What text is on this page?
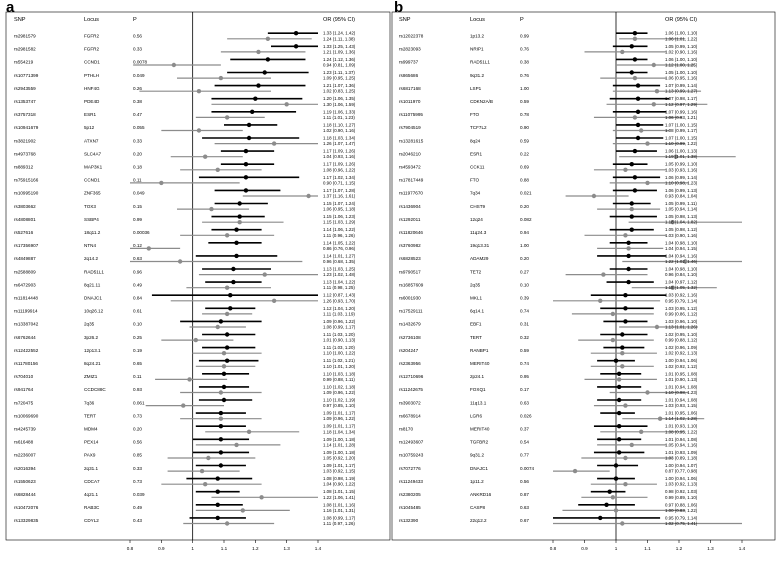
a
SNP	Locus	P	OR (95% CI)
0.8	0.9	1	1.1	1.2	1.3	1.4
rs2981579	FGFR2	0.56
1.33 (1.24, 1.42)
1.24 (1.11, 1.38)
rs2981582	FGFR2	0.33
1.33 (1.25, 1.43)
1.21 (1.09, 1.36)
rs554219	CCND1	0.0078
1.24 (1.12, 1.36)
0.94 (0.81, 1.09)
rs10771399	PTHLH	0.049
1.23 (1.11, 1.37)
1.09 (0.95, 1.25)
rs2943559	HNF4G	0.26
1.21 (1.07, 1.36)
1.02 (0.83, 1.25)
rs1353747	PDE4D	0.38
1.20 (1.06, 1.35)
1.30 (1.06, 1.59)
rs3757318	ESR1	0.47
1.19 (1.06, 1.33)
1.11 (1.01, 1.23)
rs10941679	5p12	0.055
1.18 (1.10, 1.27)
1.02 (0.90, 1.16)
rs3821902	ATXN7	0.33
1.18 (1.03, 1.34)
1.26 (1.07, 1.47)
rs4973768	SLC4A7	0.20
1.17 (1.09, 1.26)
1.04 (0.93, 1.16)
rs889312	MAP3K1	0.18
1.17 (1.09, 1.26)
1.08 (0.96, 1.22)
rs75915166	CCND1	0.11
1.17 (1.02, 1.34)
0.90 (0.71, 1.15)
rs10995190	ZNF365	0.049
1.17 (1.07, 1.28)
1.37 (1.16, 1.61)
rs3803662	TOX3	0.15
1.15 (1.07, 1.24)
1.06 (0.95, 1.18)
rs4808801	SSBP4	0.99
1.15 (1.06, 1.23)
1.15 (1.03, 1.29)
rs527616	18q11.2	0.00036
1.14 (1.06, 1.22)
1.11 (0.96, 1.26)
rs17356907	NTN4	0.12
1.14 (1.05, 1.22)
0.86 (0.76, 0.96)
rs4849887	2q14.2	0.63
1.14 (1.01, 1.27)
0.96 (0.68, 1.35)
rs2588809	RAD51L1	0.96
1.13 (1.03, 1.25)
1.23 (1.02, 1.48)
rs6472903	8q21.11	0.49
1.13 (1.04, 1.22)
1.11 (0.98, 1.25)
rs11814448	DNAJC1	0.84
1.12 (0.87, 1.43)
1.26 (0.93, 1.70)
rs11199914	10q26.12	0.61
1.12 (1.04, 1.20)
1.11 (1.03, 1.19)
rs13387042	2q35	0.10
1.09 (0.96, 1.22)
1.08 (0.99, 1.17)
rs6762644	3p26.2	0.25
1.11 (1.03, 1.20)
1.01 (0.90, 1.13)
rs12422552	12p13.1	0.19
1.11 (1.03, 1.20)
1.10 (1.00, 1.22)
rs11780156	8q24.21	0.65
1.11 (1.02, 1.21)
1.10 (1.01, 1.20)
rs704010	ZMIZ1	0.11
1.10 (1.03, 1.18)
0.99 (0.88, 1.11)
rs941764	CCDC88C	0.93
1.10 (1.02, 1.18)
1.09 (0.96, 1.22)
rs720475	7q36	0.061
1.10 (1.02, 1.19)
0.97 (0.85, 1.10)
rs10069690	TERT	0.73
1.09 (1.01, 1.17)
1.09 (0.96, 1.22)
rs4245739	MDM4	0.20
1.09 (1.01, 1.17)
1.18 (1.04, 1.34)
rs616488	PEX14	0.56
1.09 (1.00, 1.18)
1.14 (1.01, 1.28)
rs2236007	PAX9	0.85
1.09 (1.00, 1.18)
1.05 (0.92, 1.20)
rs2016394	2q31.1	0.33
1.09 (1.01, 1.17)
1.03 (0.92, 1.15)
rs1550623	CDCA7	0.73
1.08 (0.98, 1.19)
1.04 (0.90, 1.22)
rs6828444	4q21.1	0.039
1.08 (1.01, 1.15)
1.22 (1.06, 1.41)
rs10472076	RAB3C	0.49
1.08 (1.01, 1.16)
1.16 (1.01, 1.31)
rs13329835	CDYL2	0.43
1.08 (0.99, 1.17)
1.11 (0.97, 1.26)
b
SNP	Locus	P	OR (95% CI)
0.8	0.9	1	1.1	1.2	1.3	1.4
rs12022378	1p13.2	0.99
1.06 (1.00, 1.10)
1.06 (1.01, 1.22)
rs2823093	NRIP1	0.76
1.05 (0.99, 1.10)
1.02 (0.90, 1.16)
rs999737	RAD51L1	0.38
1.06 (1.00, 1.10)
1.12 (1.00, 1.25)
rs865686	9q31.2	0.76
1.05 (1.00, 1.10)
1.06 (0.95, 1.16)
rs6817168	LSP1	1.00
1.07 (0.99, 1.14)
1.13 (0.99, 1.27)
rs1011970	CDKN2A/B	0.59
1.07 (0.98, 1.17)
1.12 (0.97, 1.29)
rs11075995	FTO	0.78
1.07 (0.99, 1.16)
1.06 (0.93, 1.21)
rs7904519	TCF7L2	0.90
1.07 (1.00, 1.15)
1.08 (0.99, 1.17)
rs13281615	8q24	0.59
1.07 (1.00, 1.15)
1.10 (0.99, 1.22)
rs2046210	ESR1	0.22
1.06 (1.00, 1.13)
1.19 (1.01, 1.38)
rs4593472	CCK11	0.69
1.05 (0.99, 1.10)
1.03 (0.93, 1.16)
rs17817449	FTO	0.88
1.06 (0.99, 1.14)
1.10 (0.98, 1.23)
rs11977670	7q34	0.021
1.06 (0.99, 1.13)
0.93 (0.84, 1.04)
rs1436904	CHST9	0.20
1.05 (0.99, 1.11)
1.05 (0.94, 1.14)
rs1292011	12q24	0.082
1.05 (0.98, 1.13)
1.18 (1.04, 1.82)
rs11820646	11q24.3	0.94
1.05 (0.98, 1.12)
1.03 (0.90, 1.16)
rs3760982	19q13.31	1.00
1.04 (0.98, 1.10)
1.04 (0.94, 1.15)
rs6828523	ADAM29	0.20
1.04 (0.94, 1.16)
1.22 (1.02, 1.46)
rs9790517	TET2	0.27
1.04 (0.98, 1.10)
0.96 (0.84, 1.10)
rs16857609	2q35	0.10
1.04 (0.97, 1.12)
1.18 (1.05, 1.32)
rs6001930	MKL1	0.39
1.03 (0.92, 1.16)
0.95 (0.79, 1.14)
rs17529111	6q14.1	0.74
1.03 (0.95, 1.12)
0.99 (0.86, 1.12)
rs1432679	EBF1	0.31
1.03 (0.96, 1.10)
1.13 (1.01, 1.26)
rs2736108	TERT	0.32
1.02 (0.95, 1.10)
0.99 (0.88, 1.12)
rs204247	RANBP1	0.59
1.02 (0.96, 1.09)
1.02 (0.92, 1.13)
rs2363956	MERIT40	0.74
1.00 (0.94, 1.06)
1.02 (0.92, 1.12)
rs12710696	2p24.1	0.95
1.01 (0.95, 1.08)
1.01 (0.90, 1.13)
rs11242675	FOXQ1	0.17
1.01 (0.94, 1.08)
1.10 (0.98, 1.23)
rs3903072	11q13.1	0.63
1.01 (0.94, 1.08)
1.03 (0.93, 1.15)
rs6678914	LGR6	0.026
1.01 (0.95, 1.06)
1.14 (1.02, 1.28)
rs8170	MERIT40	0.37
1.01 (0.93, 1.10)
1.08 (0.95, 1.22)
rs12493607	TGFBR2	0.54
1.01 (0.94, 1.08)
1.05 (0.94, 1.16)
rs10759243	9q31.2	0.77
1.01 (0.93, 1.09)
1.03 (0.89, 1.18)
rs7072776	DNAJC1	0.0074
1.00 (0.94, 1.07)
0.87 (0.77, 0.98)
rs11249433	1p11.2	0.56
1.00 (0.94, 1.06)
1.03 (0.92, 1.13)
rs2380205	ANKRD16	0.87
0.98 (0.92, 1.03)
0.99 (0.89, 1.10)
rs1045485	CASP8	0.63
0.97 (0.88, 1.06)
1.00 (0.83, 1.22)
rs132390	22q12.2	0.67
0.95 (0.79, 1.14)
1.02 (0.75, 1.41)
